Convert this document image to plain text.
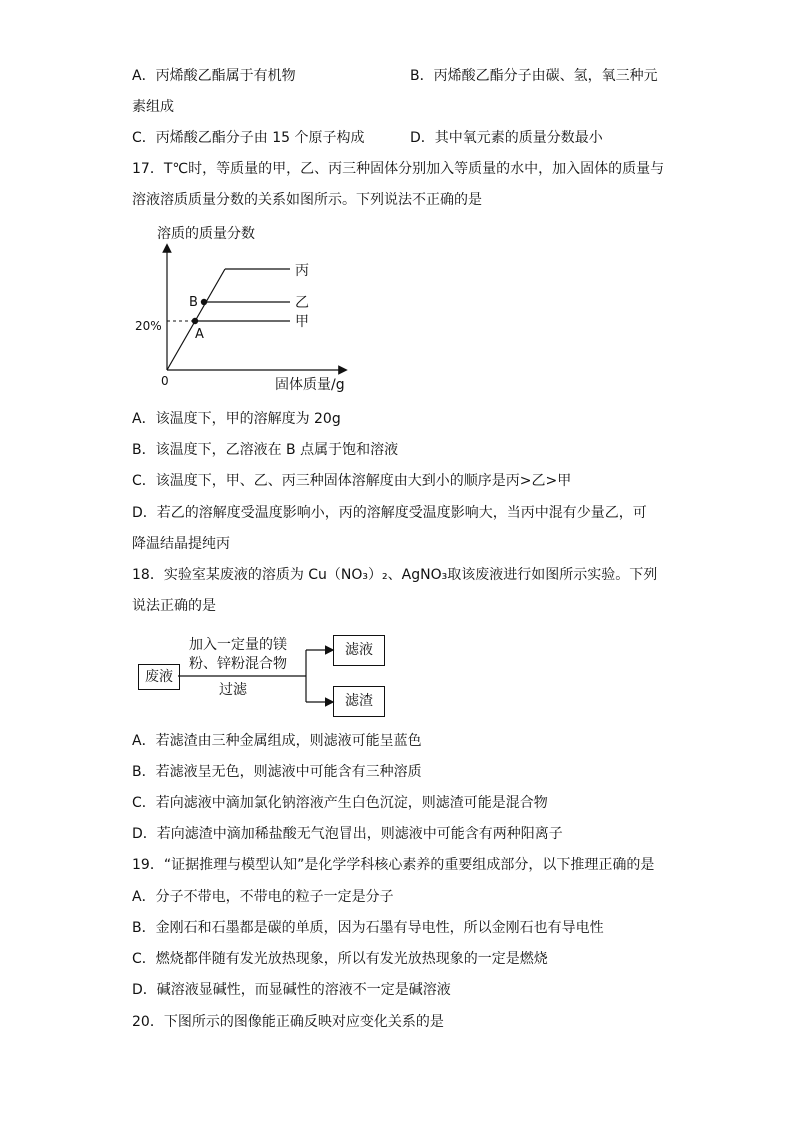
A．丙烯酸乙酯属于有机物	B．丙烯酸乙酯分子由碳、氢，氧三种元
素组成
C．丙烯酸乙酯分子由 15 个原子构成	D．其中氧元素的质量分数最小
17．T℃时，等质量的甲，乙、丙三种固体分别加入等质量的水中，加入固体的质量与
溶液溶质质量分数的关系如图所示。下列说法不正确的是
溶质的质量分数
B
A
20%
0	固体质量/g
丙
乙
甲
A．该温度下，甲的溶解度为 20g
B．该温度下，乙溶液在 B 点属于饱和溶液
C．该温度下，甲、乙、丙三种固体溶解度由大到小的顺序是丙>乙>甲
D．若乙的溶解度受温度影响小，丙的溶解度受温度影响大，当丙中混有少量乙，可
降温结晶提纯丙
18．实验室某废液的溶质为 Cu（NO₃）₂、AgNO₃取该废液进行如图所示实验。下列
说法正确的是
废液
加入一定量的镁
粉、锌粉混合物
过滤
滤液
滤渣
A．若滤渣由三种金属组成，则滤液可能呈蓝色
B．若滤液呈无色，则滤液中可能含有三种溶质
C．若向滤液中滴加氯化钠溶液产生白色沉淀，则滤渣可能是混合物
D．若向滤渣中滴加稀盐酸无气泡冒出，则滤液中可能含有两种阳离子
19．“证据推理与模型认知”是化学学科核心素养的重要组成部分，以下推理正确的是
A．分子不带电，不带电的粒子一定是分子
B．金刚石和石墨都是碳的单质，因为石墨有导电性，所以金刚石也有导电性
C．燃烧都伴随有发光放热现象，所以有发光放热现象的一定是燃烧
D．碱溶液显碱性，而显碱性的溶液不一定是碱溶液
20．下图所示的图像能正确反映对应变化关系的是
